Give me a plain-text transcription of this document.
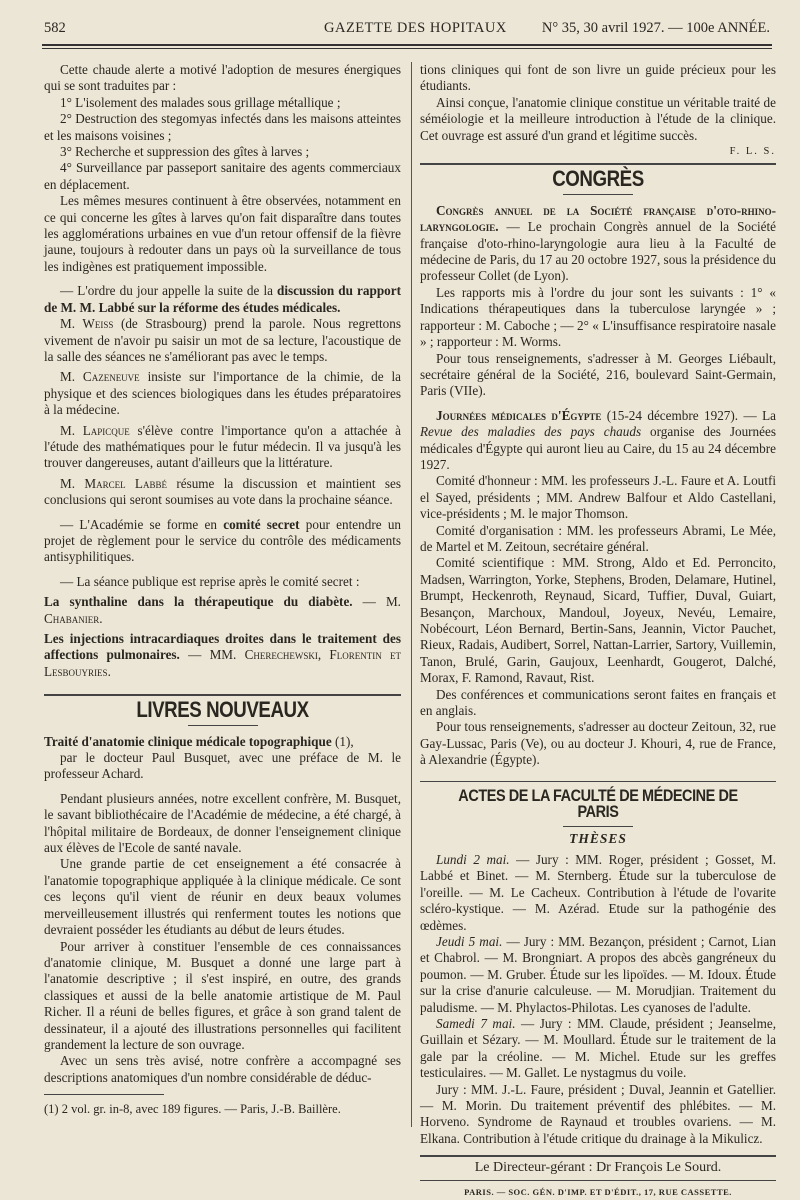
582	GAZETTE DES HOPITAUX N° 35, 30 avril 1927. — 100e ANNÉE.

Cette chaude alerte a motivé l'adoption de mesures énergiques qui se sont traduites par :

1° L'isolement des malades sous grillage métallique ;

2° Destruction des stegomyas infectés dans les maisons atteintes et les maisons voisines ;

3° Recherche et suppression des gîtes à larves ;

4° Surveillance par passeport sanitaire des agents commerciaux en déplacement.

Les mêmes mesures continuent à être observées, notamment en ce qui concerne les gîtes à larves qu'on fait disparaître dans toutes les agglomérations urbaines en vue d'un retour offensif de la fièvre jaune, toujours à redouter dans un pays où la surveillance de tous les indigènes est pratiquement impossible.

— L'ordre du jour appelle la suite de la discussion du rapport de M. M. Labbé sur la réforme des études médicales.

M. Weiss (de Strasbourg) prend la parole. Nous regrettons vivement de n'avoir pu saisir un mot de sa lecture, l'acoustique de la salle des séances ne s'améliorant pas avec le temps.

M. Cazeneuve insiste sur l'importance de la chimie, de la physique et des sciences biologiques dans les études préparatoires à la médecine.

M. Lapicque s'élève contre l'importance qu'on a attachée à l'étude des mathématiques pour le futur médecin. Il va jusqu'à les trouver dangereuses, autant d'ailleurs que la littérature.

M. Marcel Labbé résume la discussion et maintient ses conclusions qui seront soumises au vote dans la prochaine séance.

— L'Académie se forme en comité secret pour entendre un projet de règlement pour le service du contrôle des médicaments antisyphilitiques.

— La séance publique est reprise après le comité secret :

La synthaline dans la thérapeutique du diabète. — M. Chabanier.

Les injections intracardiaques droites dans le traitement des affections pulmonaires. — MM. Cherechewski, Florentin et Lesbouyries.

LIVRES NOUVEAUX

Traité d'anatomie clinique médicale topographique (1),

par le docteur Paul Busquet, avec une préface de M. le professeur Achard.

Pendant plusieurs années, notre excellent confrère, M. Busquet, le savant bibliothécaire de l'Académie de médecine, a été chargé, à l'hôpital militaire de Bordeaux, de donner l'enseignement clinique aux élèves de l'Ecole de santé navale.

Une grande partie de cet enseignement a été consacrée à l'anatomie topographique appliquée à la clinique médicale. Ce sont ces leçons qu'il vient de réunir en deux beaux volumes merveilleusement illustrés qui renferment toutes les notions que devraient posséder les étudiants au début de leurs études.

Pour arriver à constituer l'ensemble de ces connaissances d'anatomie clinique, M. Busquet a donné une large part à l'anatomie descriptive ; il s'est inspiré, en outre, des grands classiques et aussi de la belle anatomie artistique de M. Paul Richer. Il a réuni de belles figures, et grâce à son grand talent de dessinateur, il a ajouté des illustrations personnelles qui facilitent grandement la lecture de son ouvrage.

Avec un sens très avisé, notre confrère a accompagné ses descriptions anatomiques d'un nombre considérable de déduc-

(1) 2 vol. gr. in-8, avec 189 figures. — Paris, J.-B. Baillère.

tions cliniques qui font de son livre un guide précieux pour les étudiants.

Ainsi conçue, l'anatomie clinique constitue un véritable traité de séméiologie et la meilleure introduction à l'étude de la clinique. Cet ouvrage est assuré d'un grand et légitime succès.

F. L. S.

CONGRÈS

Congrès annuel de la Société française d'oto-rhino-laryngologie. — Le prochain Congrès annuel de la Société française d'oto-rhino-laryngologie aura lieu à la Faculté de médecine de Paris, du 17 au 20 octobre 1927, sous la présidence du professeur Collet (de Lyon).

Les rapports mis à l'ordre du jour sont les suivants : 1° « Indications thérapeutiques dans la tuberculose laryngée » ; rapporteur : M. Caboche ; — 2° « L'insuffisance respiratoire nasale » ; rapporteur : M. Worms.

Pour tous renseignements, s'adresser à M. Georges Liébault, secrétaire général de la Société, 216, boulevard Saint-Germain, Paris (VIIe).

Journées médicales d'Égypte (15-24 décembre 1927). — La Revue des maladies des pays chauds organise des Journées médicales d'Égypte qui auront lieu au Caire, du 15 au 24 décembre 1927.

Comité d'honneur : MM. les professeurs J.-L. Faure et A. Loutfi el Sayed, présidents ; MM. Andrew Balfour et Aldo Castellani, vice-présidents ; M. le major Thomson.

Comité d'organisation : MM. les professeurs Abrami, Le Mée, de Martel et M. Zeitoun, secrétaire général.

Comité scientifique : MM. Strong, Aldo et Ed. Perroncito, Madsen, Warrington, Yorke, Stephens, Broden, Delamare, Hutinel, Brumpt, Heckenroth, Reynaud, Sicard, Tuffier, Duval, Guiart, Besançon, Marchoux, Mandoul, Joyeux, Nevéu, Lemaire, Nobécourt, Léon Bernard, Bertin-Sans, Jeannin, Victor Pauchet, Rieux, Radais, Audibert, Sorrel, Nattan-Larrier, Sartory, Vuillemin, Tanon, Brulé, Garin, Gaujoux, Leenhardt, Gougerot, Dalché, Morax, F. Ramond, Ravaut, Rist.

Des conférences et communications seront faites en français et en anglais.

Pour tous renseignements, s'adresser au docteur Zeitoun, 32, rue Gay-Lussac, Paris (Ve), ou au docteur J. Khouri, 4, rue de France, à Alexandrie (Égypte).

ACTES DE LA FACULTÉ DE MÉDECINE DE PARIS
THÈSES

Lundi 2 mai. — Jury : MM. Roger, président ; Gosset, M. Labbé et Binet. — M. Sternberg. Étude sur la tuberculose de l'oreille. — M. Le Cacheux. Contribution à l'étude de l'ovarite scléro-kystique. — M. Azérad. Etude sur la pathogénie des œdèmes.

Jeudi 5 mai. — Jury : MM. Bezançon, président ; Carnot, Lian et Chabrol. — M. Brongniart. A propos des abcès gangréneux du poumon. — M. Gruber. Étude sur les lipoïdes. — M. Idoux. Étude sur la crise d'anurie calculeuse. — M. Morudjian. Traitement du paludisme. — M. Phylactos-Philotas. Les cyanoses de l'adulte.

Samedi 7 mai. — Jury : MM. Claude, président ; Jeanselme, Guillain et Sézary. — M. Moullard. Étude sur le traitement de la gale par la créoline. — M. Michel. Etude sur les greffes testiculaires. — M. Gallet. Le nystagmus du voile.

Jury : MM. J.-L. Faure, président ; Duval, Jeannin et Gatellier. — M. Morin. Du traitement préventif des phlébites. — M. Horveno. Syndrome de Raynaud et troubles ovariens. — M. Elkana. Contribution à l'étude critique du drainage à la Mikulicz.

Le Directeur-gérant : Dr François Le Sourd.
PARIS. — SOC. GÉN. D'IMP. ET D'ÉDIT., 17, RUE CASSETTE.
